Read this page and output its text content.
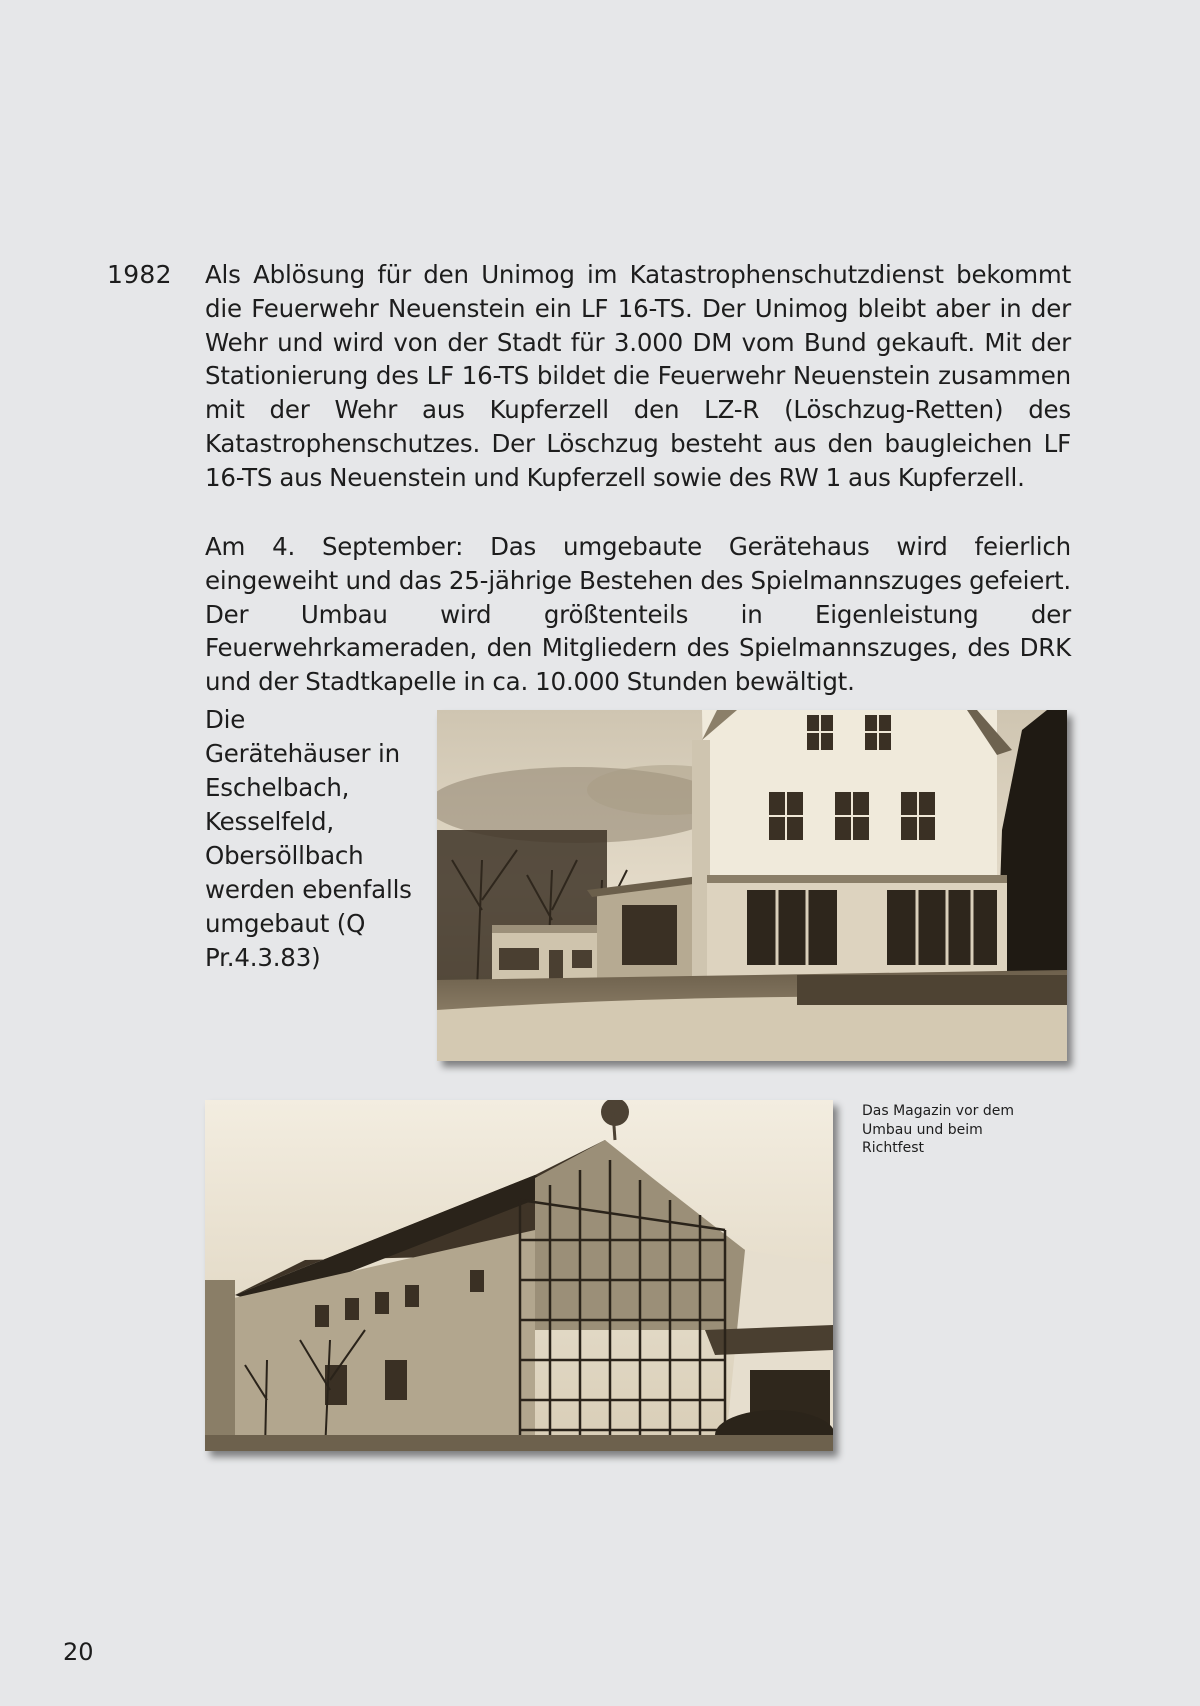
1982 Als Ablösung für den Unimog im Katastrophenschutzdienst bekommt die Feuerwehr Neuenstein ein LF 16-TS. Der Unimog bleibt aber in der Wehr und wird von der Stadt für 3.000 DM vom Bund gekauft. Mit der Stationierung des LF 16-TS bildet die Feuerwehr Neuenstein zusammen mit der Wehr aus Kupferzell den LZ-R (Löschzug-Retten) des Katastrophenschutzes. Der Löschzug besteht aus den baugleichen LF 16-TS aus Neuenstein und Kupferzell sowie des RW 1 aus Kupferzell.

Am 4. September: Das umgebaute Gerätehaus wird feierlich eingeweiht und das 25-jährige Bestehen des Spielmannszuges gefeiert. Der Umbau wird größtenteils in Eigenleistung der Feuerwehrkameraden, den Mitgliedern des Spielmannszuges, des DRK und der Stadtkapelle in ca. 10.000 Stunden bewältigt.

Die Gerätehäuser in Eschelbach, Kesselfeld, Obersöllbach werden ebenfalls umgebaut (Q Pr.4.3.83)

Das Magazin vor dem Umbau und beim Richtfest

20
